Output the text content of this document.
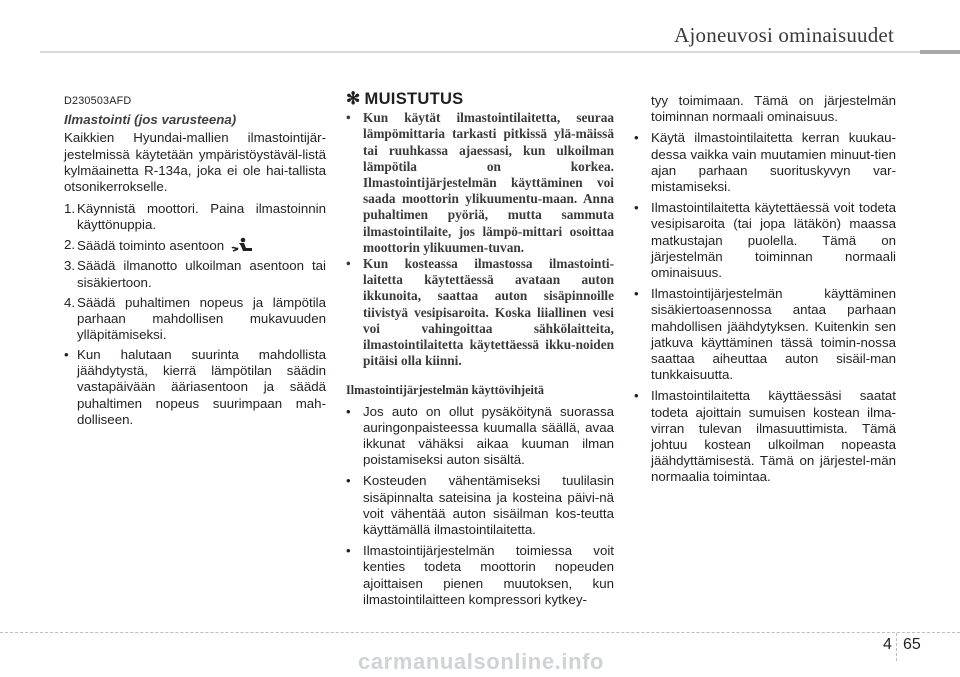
Ajoneuvosi ominaisuudet
D230503AFD
Ilmastointi (jos varusteena)

Kaikkien Hyundai-mallien ilmastointijär-jestelmissä käytetään ympäristöystäväl-listä kylmäainetta R-134a, joka ei ole hai-tallista otsonikerrokselle.

1. Käynnistä moottori. Paina ilmastoinnin käyttönuppia.
2. Säädä toiminto asentoon
3. Säädä ilmanotto ulkoilman asentoon tai sisäkiertoon.
4. Säädä puhaltimen nopeus ja lämpötila parhaan mahdollisen mukavuuden ylläpitämiseksi.
• Kun halutaan suurinta mahdollista jäähdytystä, kierrä lämpötilan säädin vastapäivään ääriasentoon ja säädä puhaltimen nopeus suurimpaan mah-dolliseen.
✻ MUISTUTUS
• Kun käytät ilmastointilaitetta, seuraa lämpömittaria tarkasti pitkissä ylä-mäissä tai ruuhkassa ajaessasi, kun ulkoilman lämpötila on korkea. Ilmastointijärjestelmän käyttäminen voi saada moottorin ylikuumentu-maan. Anna puhaltimen pyöriä, mutta sammuta ilmastointilaite, jos lämpö-mittari osoittaa moottorin ylikuumen-tuvan.
• Kun kosteassa ilmastossa ilmastointi-laitetta käytettäessä avataan auton ikkunoita, saattaa auton sisäpinnoille tiivistyä vesipisaroita. Koska liiallinen vesi voi vahingoittaa sähkölaitteita, ilmastointilaitetta käytettäessä ikku-noiden pitäisi olla kiinni.
Ilmastointijärjestelmän käyttövihjeitä
• Jos auto on ollut pysäköitynä suorassa auringonpaisteessa kuumalla säällä, avaa ikkunat vähäksi aikaa kuuman ilman poistamiseksi auton sisältä.
• Kosteuden vähentämiseksi tuulilasin sisäpinnalta sateisina ja kosteina päivi-nä voit vähentää auton sisäilman kos-teutta käyttämällä ilmastointilaitetta.
• Ilmastointijärjestelmän toimiessa voit kenties todeta moottorin nopeuden ajoittaisen pienen muutoksen, kun ilmastointilaitteen kompressori kytkey-

tyy toimimaan. Tämä on järjestelmän toiminnan normaali ominaisuus.

• Käytä ilmastointilaitetta kerran kuukau-dessa vaikka vain muutamien minuut-tien ajan parhaan suorituskyvyn var-mistamiseksi.
• Ilmastointilaitetta käytettäessä voit todeta vesipisaroita (tai jopa lätäkön) maassa matkustajan puolella. Tämä on järjestelmän toiminnan normaali ominaisuus.
• Ilmastointijärjestelmän käyttäminen sisäkiertoasennossa antaa parhaan mahdollisen jäähdytyksen. Kuitenkin sen jatkuva käyttäminen tässä toimin-nossa saattaa aiheuttaa auton sisäil-man tunkkaisuutta.
• Ilmastointilaitetta käyttäessäsi saatat todeta ajoittain sumuisen kostean ilma-virran tulevan ilmasuuttimista. Tämä johtuu kostean ulkoilman nopeasta jäähdyttämisestä. Tämä on järjestel-män normaalia toimintaa.
4 65
carmanualsonline.info
